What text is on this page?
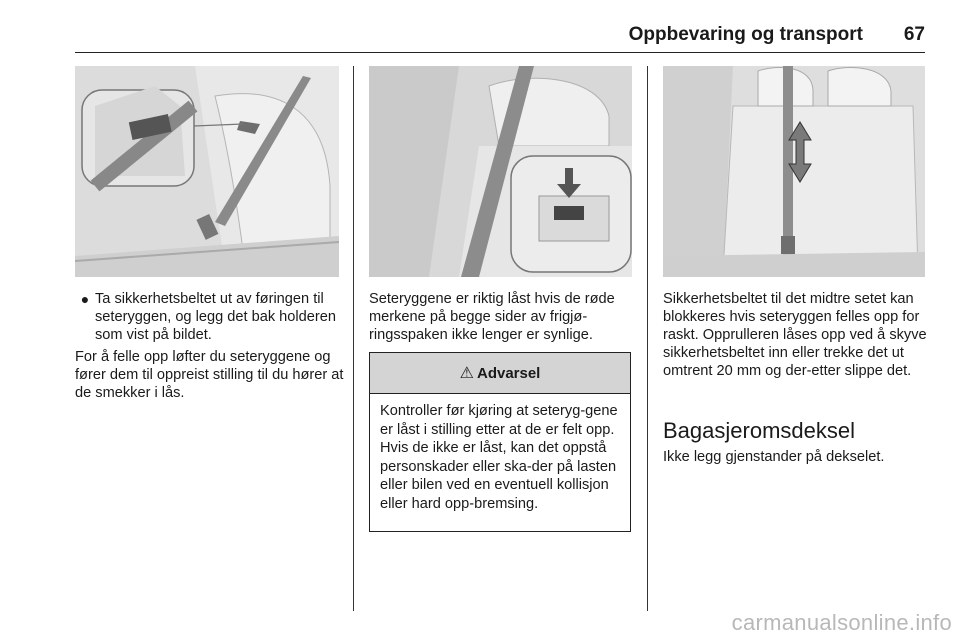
Oppbevaring og transport 67
● Ta sikkerhetsbeltet ut av føringen til seteryggen, og legg det bak holderen som vist på bildet.
For å felle opp løfter du seteryggene og fører dem til oppreist stilling til du hører at de smekker i lås.
Seteryggene er riktig låst hvis de røde merkene på begge sider av frigjø-ringsspaken ikke lenger er synlige.
⚠ Advarsel
Kontroller før kjøring at seteryg-gene er låst i stilling etter at de er felt opp. Hvis de ikke er låst, kan det oppstå personskader eller ska-der på lasten eller bilen ved en eventuell kollisjon eller hard opp-bremsing.
Sikkerhetsbeltet til det midtre setet kan blokkeres hvis seteryggen felles opp for raskt. Opprulleren låses opp ved å skyve sikkerhetsbeltet inn eller trekke det ut omtrent 20 mm og der-etter slippe det.
Bagasjeromsdeksel
Ikke legg gjenstander på dekselet.
carmanualsonline.info
